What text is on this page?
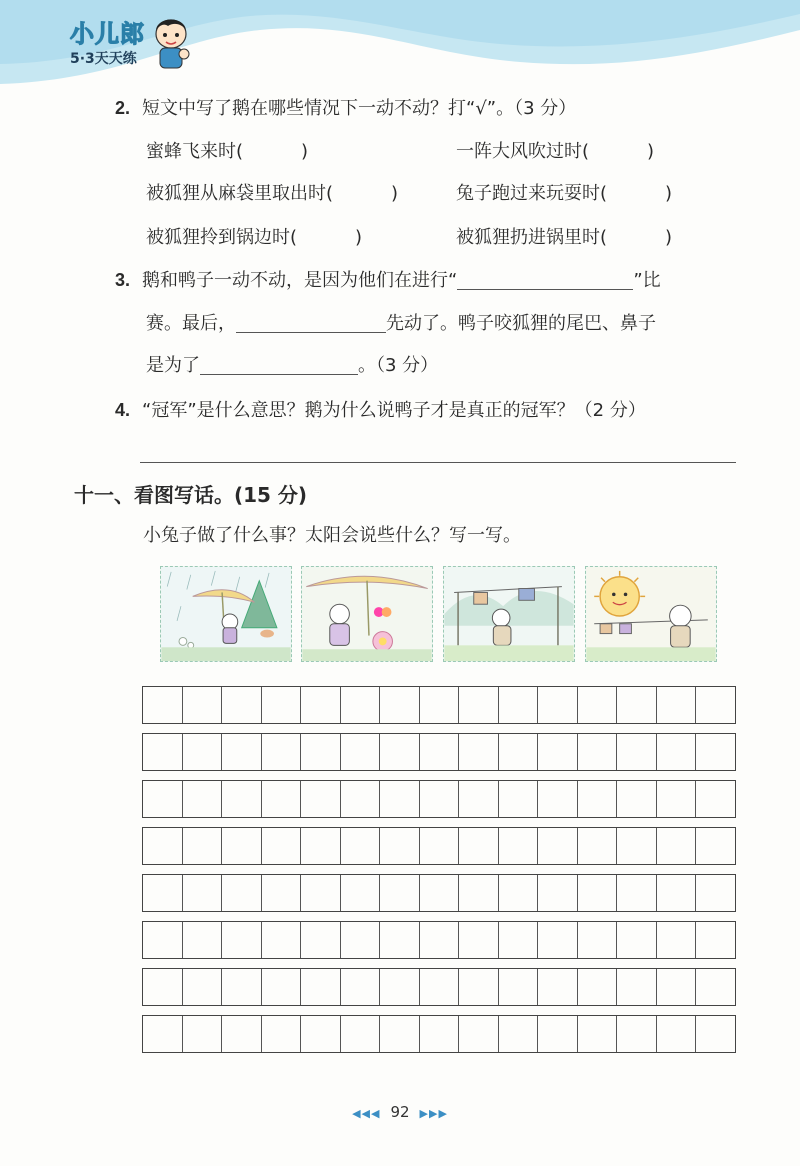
小儿郎
5·3天天练
2. 短文中写了鹅在哪些情况下一动不动？打“√”。（3 分）
蜜蜂飞来时(	)	一阵大风吹过时(	)
被狐狸从麻袋里取出时(	)	兔子跑过来玩耍时(	)
被狐狸拎到锅边时(	)	被狐狸扔进锅里时(	)
3. 鹅和鸭子一动不动，是因为他们在进行“	”比
赛。最后，	先动了。鸭子咬狐狸的尾巴、鼻子
是为了	。（3 分）
4. “冠军”是什么意思？鹅为什么说鸭子才是真正的冠军？（2 分）
十一、看图写话。(15 分)
小兔子做了什么事？太阳会说些什么？写一写。
◀◀◀ 92 ▶▶▶
